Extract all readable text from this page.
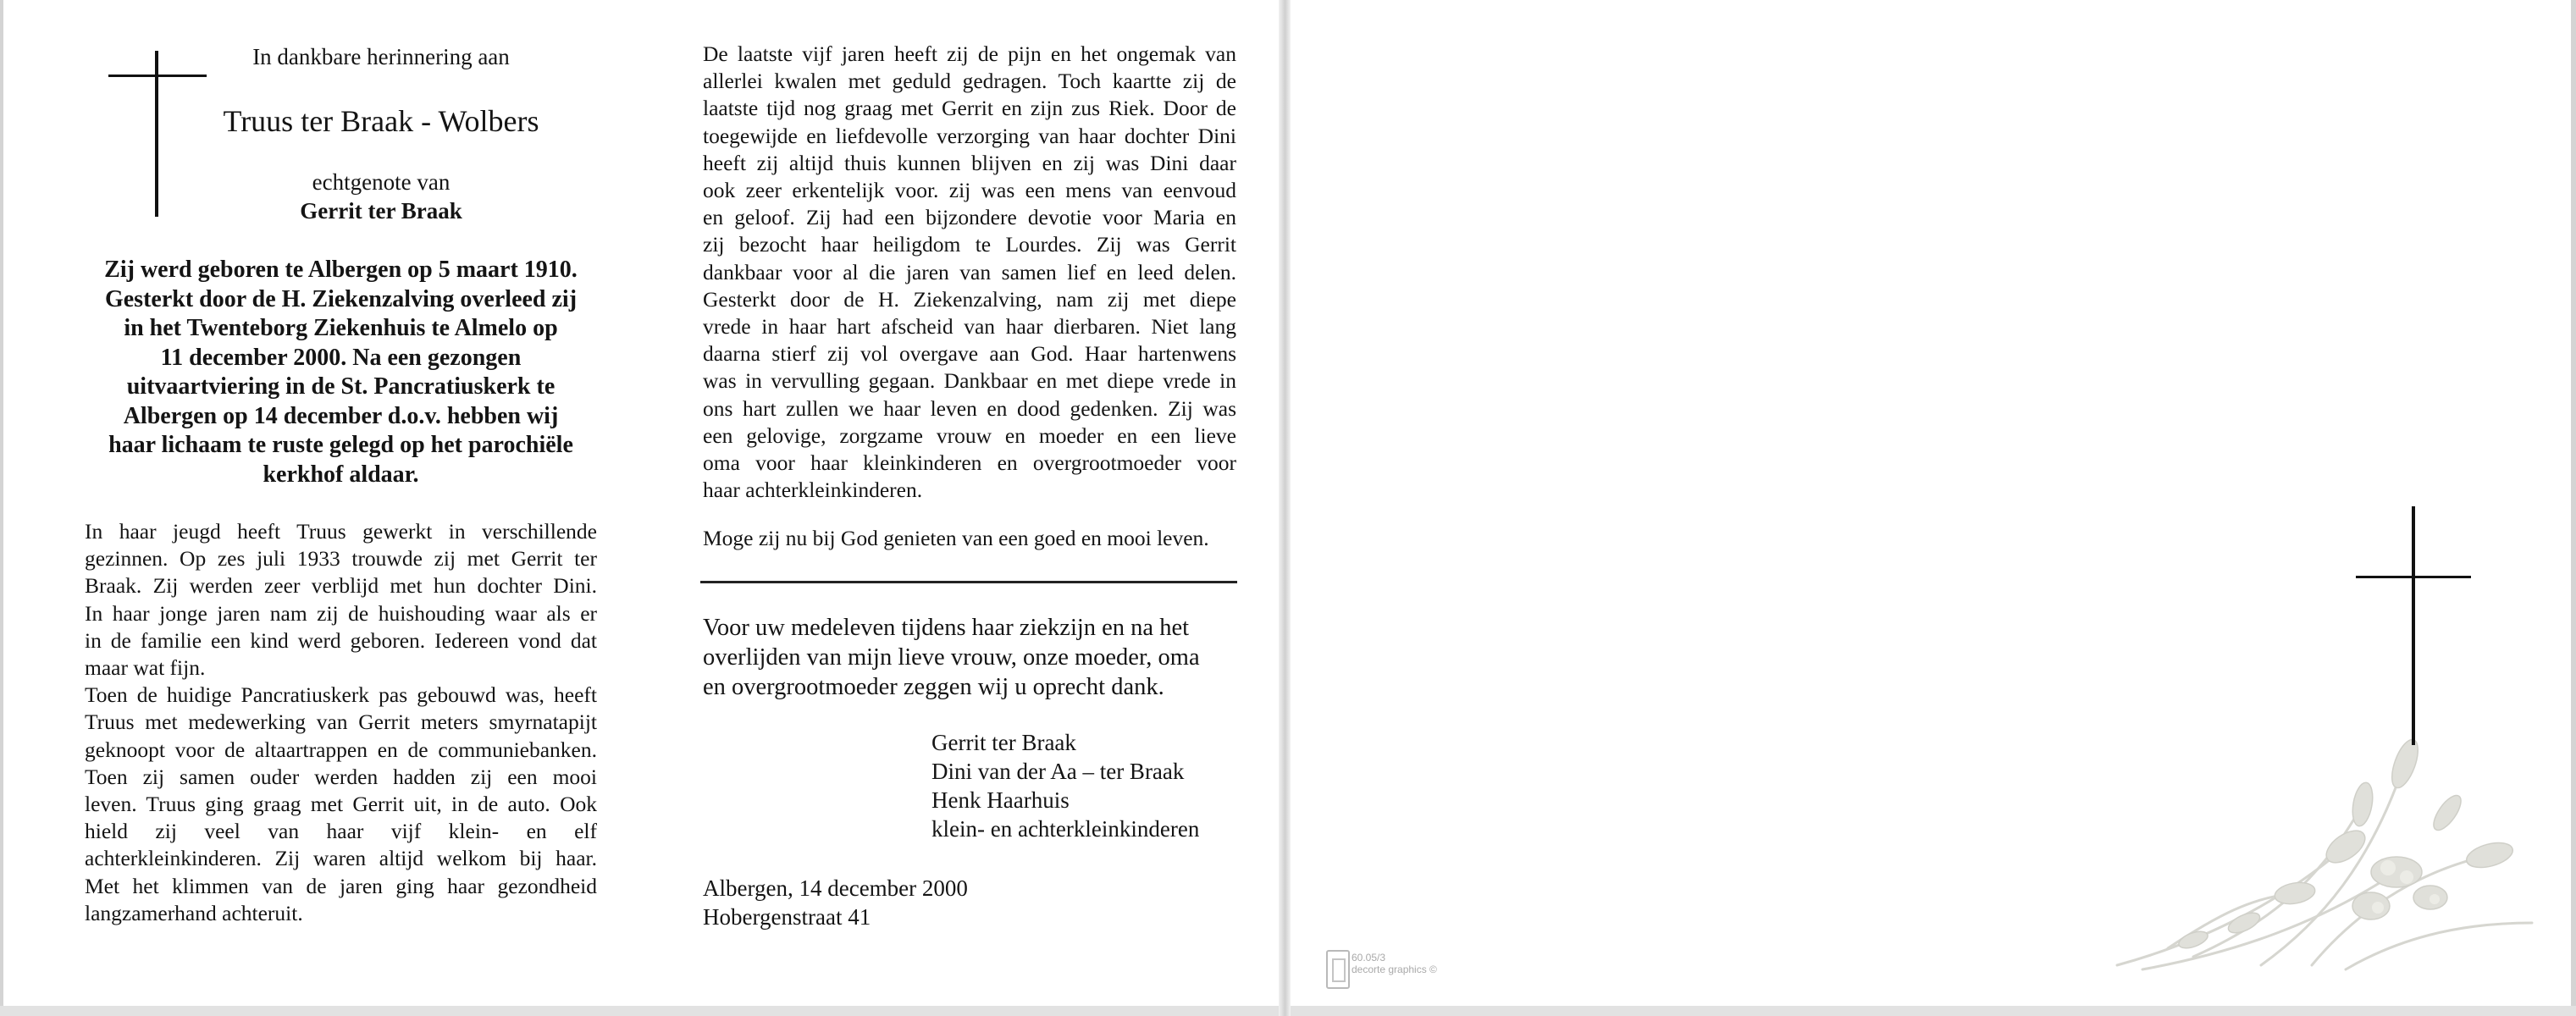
In dankbare herinnering aan
Truus ter Braak - Wolbers
echtgenote van
Gerrit ter Braak
Zij werd geboren te Albergen op 5 maart 1910.
Gesterkt door de H. Ziekenzalving overleed zij
in het Twenteborg Ziekenhuis te Almelo op
11 december 2000. Na een gezongen
uitvaartviering in de St. Pancratiuskerk te
Albergen op 14 december d.o.v. hebben wij
haar lichaam te ruste gelegd op het parochiële
kerkhof aldaar.
In haar jeugd heeft Truus gewerkt in verschillende
gezinnen. Op zes juli 1933 trouwde zij met Gerrit ter
Braak. Zij werden zeer verblijd met hun dochter Dini.
In haar jonge jaren nam zij de huishouding waar als er
in de familie een kind werd geboren. Iedereen vond dat
maar wat fijn.
Toen de huidige Pancratiuskerk pas gebouwd was, heeft
Truus met medewerking van Gerrit meters smyrnatapijt
geknoopt voor de altaartrappen en de communiebanken.
Toen zij samen ouder werden hadden zij een mooi
leven. Truus ging graag met Gerrit uit, in de auto. Ook
hield zij veel van haar vijf klein- en elf
achterkleinkinderen. Zij waren altijd welkom bij haar.
Met het klimmen van de jaren ging haar gezondheid
langzamerhand achteruit.
De laatste vijf jaren heeft zij de pijn en het ongemak van
allerlei kwalen met geduld gedragen. Toch kaartte zij de
laatste tijd nog graag met Gerrit en zijn zus Riek. Door de
toegewijde en liefdevolle verzorging van haar dochter Dini
heeft zij altijd thuis kunnen blijven en zij was Dini daar
ook zeer erkentelijk voor. zij was een mens van eenvoud
en geloof. Zij had een bijzondere devotie voor Maria en
zij bezocht haar heiligdom te Lourdes. Zij was Gerrit
dankbaar voor al die jaren van samen lief en leed delen.
Gesterkt door de H. Ziekenzalving, nam zij met diepe
vrede in haar hart afscheid van haar dierbaren. Niet lang
daarna stierf zij vol overgave aan God. Haar hartenwens
was in vervulling gegaan. Dankbaar en met diepe vrede in
ons hart zullen we haar leven en dood gedenken. Zij was
een gelovige, zorgzame vrouw en moeder en een lieve
oma voor haar kleinkinderen en overgrootmoeder voor
haar achterkleinkinderen.
Moge zij nu bij God genieten van een goed en mooi leven.
Voor uw medeleven tijdens haar ziekzijn en na het
overlijden van mijn lieve vrouw, onze moeder, oma
en overgrootmoeder zeggen wij u oprecht dank.
Gerrit ter Braak
Dini van der Aa – ter Braak
Henk Haarhuis
klein- en achterkleinkinderen
Albergen, 14 december 2000
Hobergenstraat 41
60.05/3
decorte graphics ©
